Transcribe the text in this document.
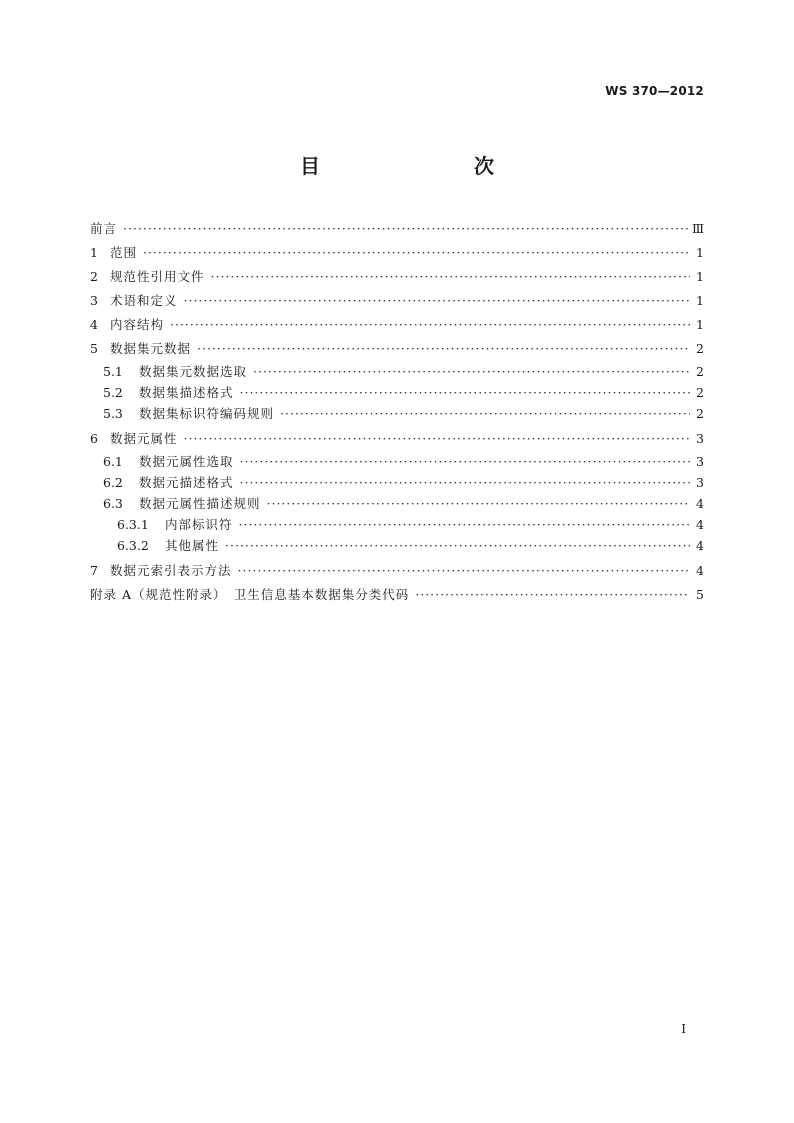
WS 370—2012
目　　次
前言 ·····	Ⅲ
1 范围 ·····	1
2 规范性引用文件 ·····	1
3 术语和定义 ·····	1
4 内容结构 ·····	1
5 数据集元数据 ·····	2
5.1	数据集元数据选取 ·····	2
5.2	数据集描述格式 ·····	2
5.3	数据集标识符编码规则 ·····	2
6 数据元属性 ·····	3
6.1	数据元属性选取 ·····	3
6.2	数据元描述格式 ·····	3
6.3	数据元属性描述规则 ·····	4
6.3.1	内部标识符 ·····	4
6.3.2	其他属性 ·····	4
7 数据元索引表示方法 ·····	4
附录 A（规范性附录）　卫生信息基本数据集分类代码 ·····	5
I
